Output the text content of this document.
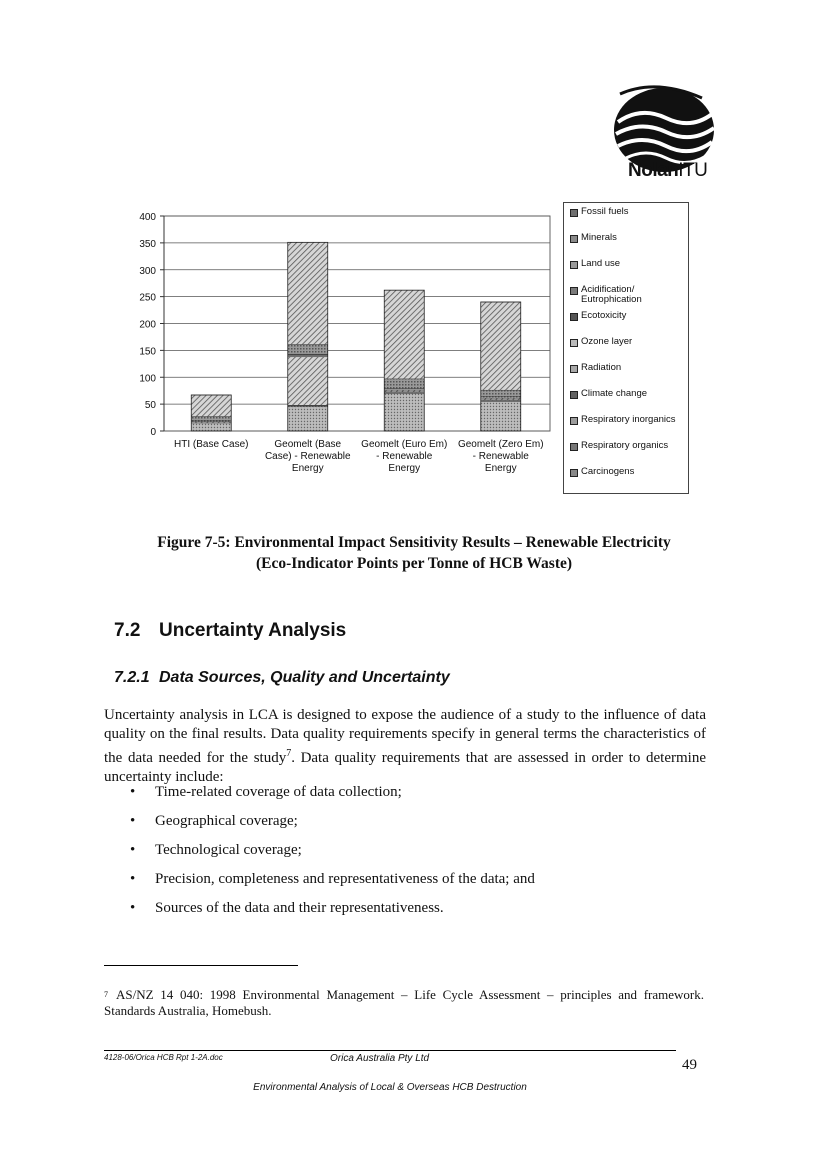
NolanITU
0
50
100
150
200
250
300
350
400
HTI (Base Case)	Geomelt (Base
Case) - Renewable
Energy
Geomelt (Euro Em)
- Renewable
Energy
Geomelt (Zero Em)
- Renewable
Energy
Fossil fuels
Minerals
Land use
Acidification/ Eutrophication
Ecotoxicity
Ozone layer
Radiation
Climate change
Respiratory inorganics
Respiratory organics
Carcinogens
Figure 7-5: Environmental Impact Sensitivity Results – Renewable Electricity
(Eco-Indicator Points per Tonne of HCB Waste)
7.2 Uncertainty Analysis
7.2.1 Data Sources, Quality and Uncertainty
Uncertainty analysis in LCA is designed to expose the audience of a study to the influence of data quality on the final results. Data quality requirements specify in general terms the characteristics of the data needed for the study$^7$. Data quality requirements that are assessed in order to determine uncertainty include:
• Time-related coverage of data collection;
• Geographical coverage;
• Technological coverage;
• Precision, completeness and representativeness of the data; and
• Sources of the data and their representativeness.
$^7$ AS/NZ 14 040: 1998 Environmental Management – Life Cycle Assessment – principles and framework. Standards Australia, Homebush.
4128-06/Orica HCB Rpt 1-2A.doc	Orica Australia Pty Ltd	49
Environmental Analysis of Local & Overseas HCB Destruction
